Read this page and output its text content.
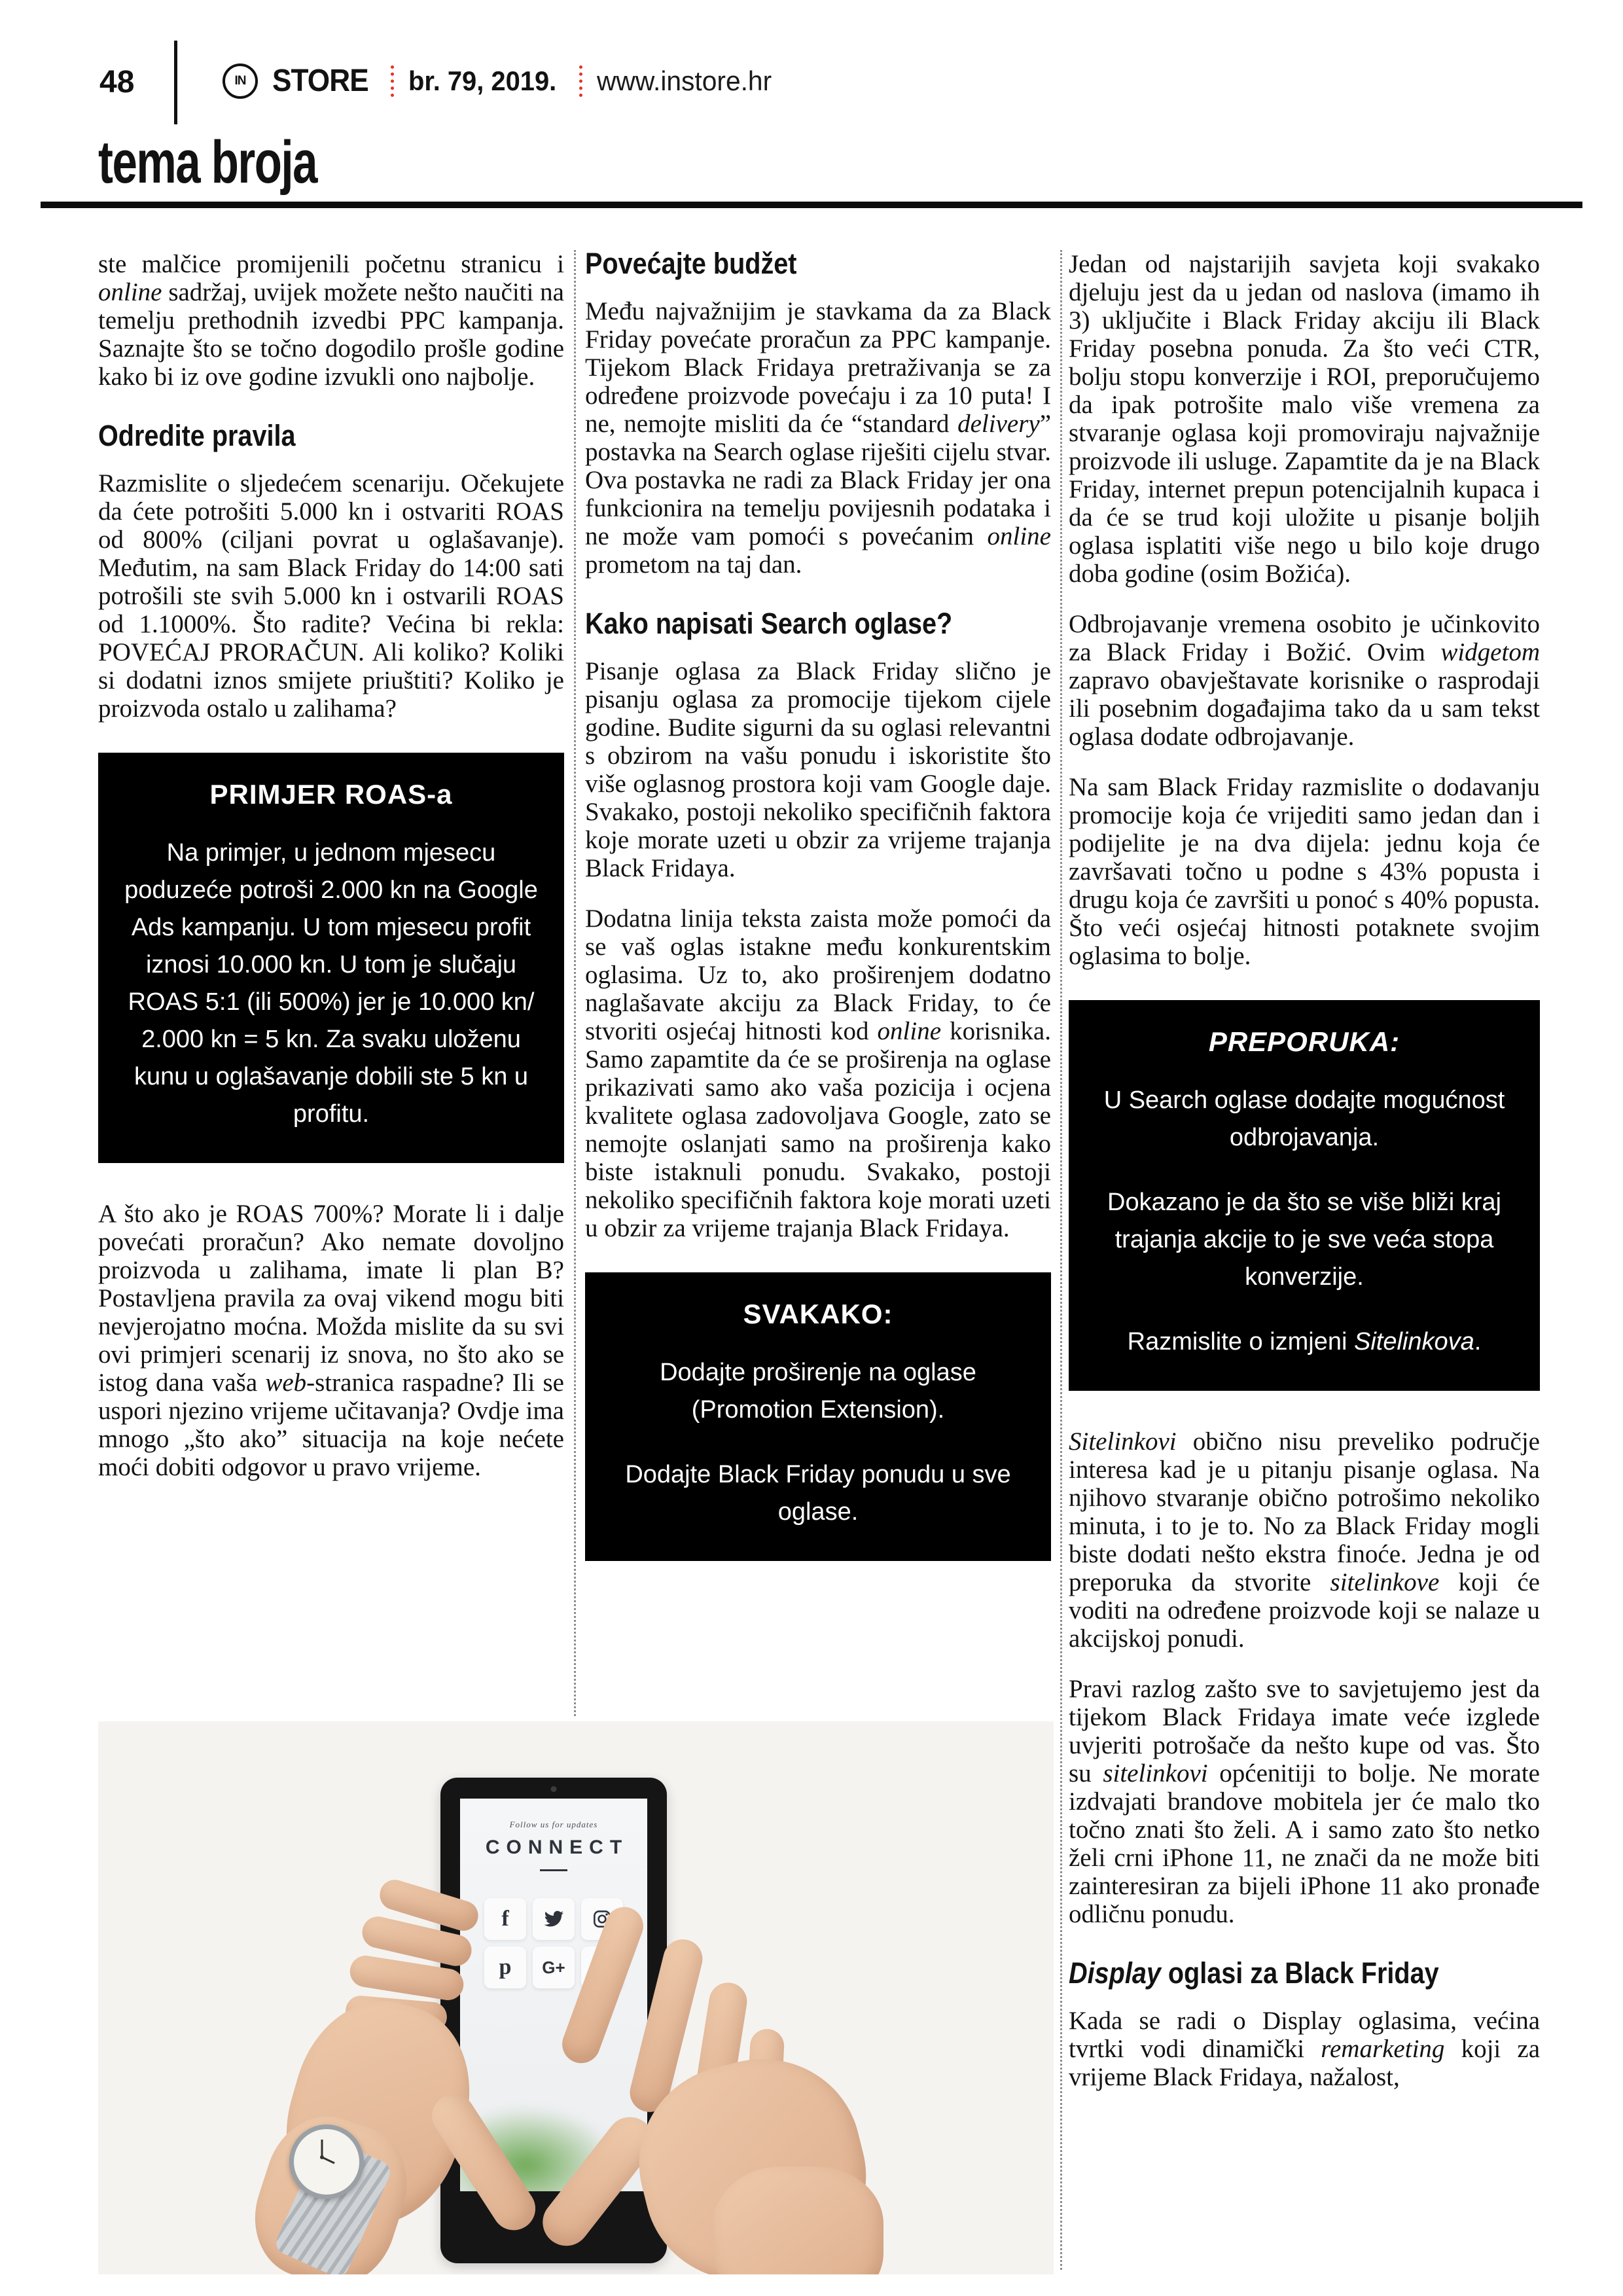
48	IN STORE br. 79, 2019. www.instore.hr
tema broja

ste malčice promijenili početnu stranicu i online sadržaj, uvijek možete nešto naučiti na temelju prethodnih izvedbi PPC kampanja. Saznajte što se točno dogodilo prošle godine kako bi iz ove godine izvukli ono najbolje.

Odredite pravila

Razmislite o sljedećem scenariju. Očekujete da ćete potrošiti 5.000 kn i ostvariti ROAS od 800% (ciljani povrat u oglašavanje). Međutim, na sam Black Friday do 14:00 sati potrošili ste svih 5.000 kn i ostvarili ROAS od 1.1000%. Što radite? Većina bi rekla: POVEĆAJ PRORAČUN. Ali koliko? Koliki si dodatni iznos smijete priuštiti? Koliko je proizvoda ostalo u zalihama?

PRIMJER ROAS-a

Na primjer, u jednom mjesecu poduzeće potroši 2.000 kn na Google Ads kampanju. U tom mjesecu profit iznosi 10.000 kn. U tom je slučaju ROAS 5:1 (ili 500%) jer je 10.000 kn/ 2.000 kn = 5 kn. Za svaku uloženu kunu u oglašavanje dobili ste 5 kn u profitu.

A što ako je ROAS 700%? Morate li i dalje povećati proračun? Ako nemate dovoljno proizvoda u zalihama, imate li plan B? Postavljena pravila za ovaj vikend mogu biti nevjerojatno moćna. Možda mislite da su svi ovi primjeri scenarij iz snova, no što ako se istog dana vaša web-stranica raspadne? Ili se uspori njezino vrijeme učitavanja? Ovdje ima mnogo „što ako” situacija na koje nećete moći dobiti odgovor u pravo vrijeme.

Povećajte budžet

Među najvažnijim je stavkama da za Black Friday povećate proračun za PPC kampanje. Tijekom Black Fridaya pretraživanja se za određene proizvode povećaju i za 10 puta! I ne, nemojte misliti da će “standard delivery” postavka na Search oglase riješiti cijelu stvar. Ova postavka ne radi za Black Friday jer ona funkcionira na temelju povijesnih podataka i ne može vam pomoći s povećanim online prometom na taj dan.

Kako napisati Search oglase?

Pisanje oglasa za Black Friday slično je pisanju oglasa za promocije tijekom cijele godine. Budite sigurni da su oglasi relevantni s obzirom na vašu ponudu i iskoristite što više oglasnog prostora koji vam Google daje. Svakako, postoji nekoliko specifičnih faktora koje morate uzeti u obzir za vrijeme trajanja Black Fridaya.

Dodatna linija teksta zaista može pomoći da se vaš oglas istakne među konkurentskim oglasima. Uz to, ako proširenjem dodatno naglašavate akciju za Black Friday, to će stvoriti osjećaj hitnosti kod online korisnika. Samo zapamtite da će se proširenja na oglase prikazivati samo ako vaša pozicija i ocjena kvalitete oglasa zadovoljava Google, zato se nemojte oslanjati samo na proširenja kako biste istaknuli ponudu. Svakako, postoji nekoliko specifičnih faktora koje morati uzeti u obzir za vrijeme trajanja Black Fridaya.

SVAKAKO:

Dodajte proširenje na oglase (Promotion Extension).

Dodajte Black Friday ponudu u sve oglase.

Jedan od najstarijih savjeta koji svakako djeluju jest da u jedan od naslova (imamo ih 3) uključite i Black Friday akciju ili Black Friday posebna ponuda. Za što veći CTR, bolju stopu konverzije i ROI, preporučujemo da ipak potrošite malo više vremena za stvaranje oglasa koji promoviraju najvažnije proizvode ili usluge. Zapamtite da je na Black Friday, internet prepun potencijalnih kupaca i da će se trud koji uložite u pisanje boljih oglasa isplatiti više nego u bilo koje drugo doba godine (osim Božića).

Odbrojavanje vremena osobito je učinkovito za Black Friday i Božić. Ovim widgetom zapravo obavještavate korisnike o rasprodaji ili posebnim događajima tako da u sam tekst oglasa dodate odbrojavanje.

Na sam Black Friday razmislite o dodavanju promocije koja će vrijediti samo jedan dan i podijelite je na dva dijela: jednu koja će završavati točno u podne s 43% popusta i drugu koja će završiti u ponoć s 40% popusta. Što veći osjećaj hitnosti potaknete svojim oglasima to bolje.

PREPORUKA:

U Search oglase dodajte mogućnost odbrojavanja.

Dokazano je da što se više bliži kraj trajanja akcije to je sve veća stopa konverzije.

Razmislite o izmjeni Sitelinkova.

Sitelinkovi obično nisu preveliko područje interesa kad je u pitanju pisanje oglasa. Na njihovo stvaranje obično potrošimo nekoliko minuta, i to je to. No za Black Friday mogli biste dodati nešto ekstra finoće. Jedna je od preporuka da stvorite sitelinkove koji će voditi na određene proizvode koji se nalaze u akcijskoj ponudi.

Pravi razlog zašto sve to savjetujemo jest da tijekom Black Fridaya imate veće izglede uvjeriti potrošače da nešto kupe od vas. Što su sitelinkovi općenitiji to bolje. Ne morate izdvajati brandove mobitela jer će malo tko točno znati što želi. A i samo zato što netko želi crni iPhone 11, ne znači da ne može biti zainteresiran za bijeli iPhone 11 ako pronađe odličnu ponudu.

Display oglasi za Black Friday

Kada se radi o Display oglasima, većina tvrtki vodi dinamički remarketing koji za vrijeme Black Fridaya, nažalost,

Follow us for updates
CONNECT
f
p G+
